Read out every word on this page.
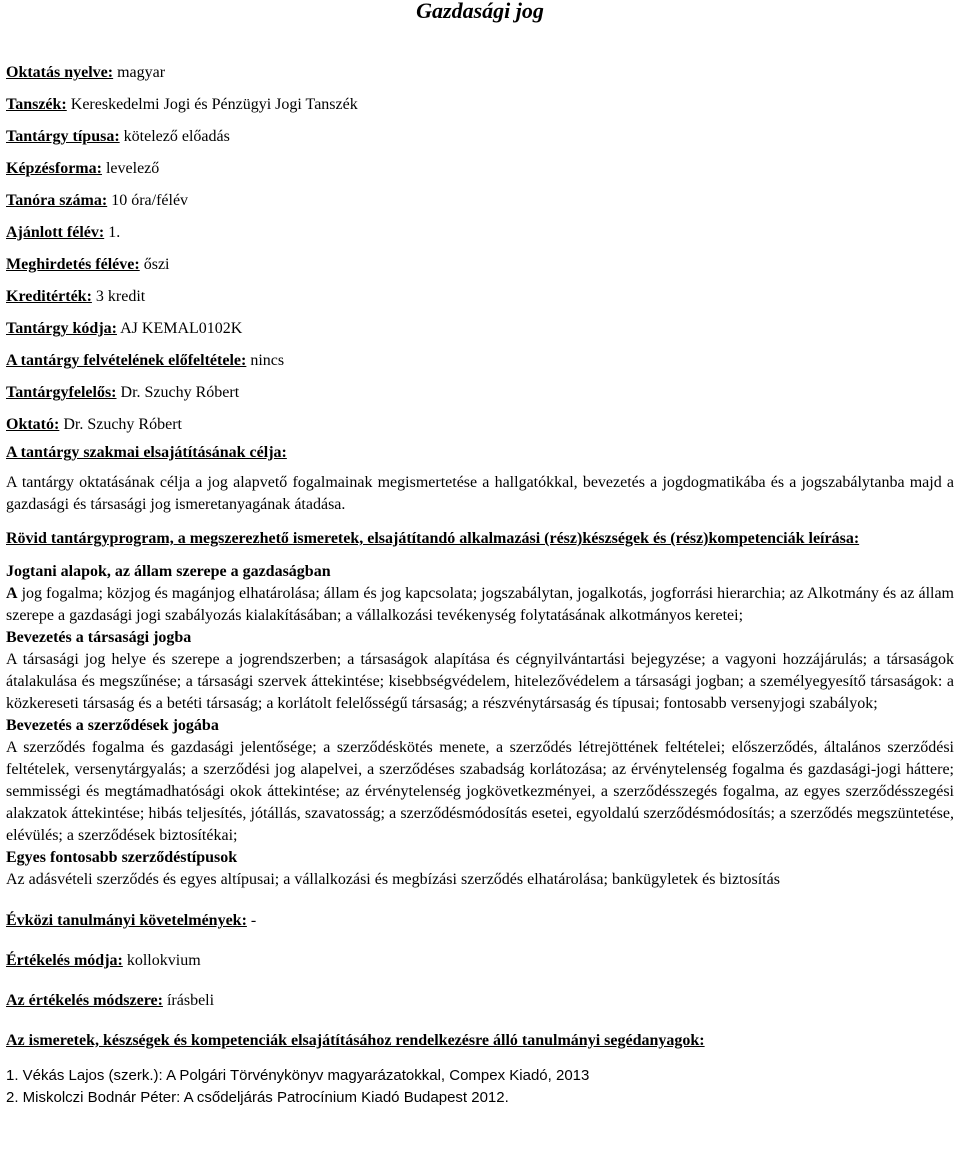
Gazdasági jog
Oktatás nyelve: magyar
Tanszék: Kereskedelmi Jogi és Pénzügyi Jogi Tanszék
Tantárgy típusa: kötelező előadás
Képzésforma: levelező
Tanóra száma: 10 óra/félév
Ajánlott félév: 1.
Meghirdetés féléve: őszi
Kreditérték: 3 kredit
Tantárgy kódja: AJ KEMAL0102K
A tantárgy felvételének előfeltétele: nincs
Tantárgyfelelős: Dr. Szuchy Róbert
Oktató: Dr. Szuchy Róbert
A tantárgy szakmai elsajátításának célja:
A tantárgy oktatásának célja a jog alapvető fogalmainak megismertetése a hallgatókkal, bevezetés a jogdogmatikába és a jogszabálytanba majd a gazdasági és társasági jog ismeretanyagának átadása.
Rövid tantárgyprogram, a megszerezhető ismeretek, elsajátítandó alkalmazási (rész)készségek és (rész)kompetenciák leírása:
Jogtani alapok, az állam szerepe a gazdaságban
A jog fogalma; közjog és magánjog elhatárolása; állam és jog kapcsolata; jogszabálytan, jogalkotás, jogforrási hierarchia; az Alkotmány és az állam szerepe a gazdasági jogi szabályozás kialakításában; a vállalkozási tevékenység folytatásának alkotmányos keretei;
Bevezetés a társasági jogba
A társasági jog helye és szerepe a jogrendszerben; a társaságok alapítása és cégnyilvántartási bejegyzése; a vagyoni hozzájárulás; a társaságok átalakulása és megszűnése; a társasági szervek áttekintése; kisebbségvédelem, hitelezővédelem a társasági jogban; a személyegyesítő társaságok: a közkereseti társaság és a betéti társaság; a korlátolt felelősségű társaság; a részvénytársaság és típusai; fontosabb versenyjogi szabályok;
Bevezetés a szerződések jogába
A szerződés fogalma és gazdasági jelentősége; a szerződéskötés menete, a szerződés létrejöttének feltételei; előszerződés, általános szerződési feltételek, versenytárgyalás; a szerződési jog alapelvei, a szerződéses szabadság korlátozása; az érvénytelenség fogalma és gazdasági-jogi háttere; semmisségi és megtámadhatósági okok áttekintése; az érvénytelenség jogkövetkezményei, a szerződésszegés fogalma, az egyes szerződésszegési alakzatok áttekintése; hibás teljesítés, jótállás, szavatosság; a szerződésmódosítás esetei, egyoldalú szerződésmódosítás; a szerződés megszüntetése, elévülés; a szerződések biztosítékai;
Egyes fontosabb szerződéstípusok
Az adásvételi szerződés és egyes altípusai; a vállalkozási és megbízási szerződés elhatárolása; bankügyletek és biztosítás
Évközi tanulmányi követelmények: -
Értékelés módja: kollokvium
Az értékelés módszere: írásbeli
Az ismeretek, készségek és kompetenciák elsajátításához rendelkezésre álló tanulmányi segédanyagok:
1. Vékás Lajos (szerk.): A Polgári Törvénykönyv magyarázatokkal, Compex Kiadó, 2013
2. Miskolczi Bodnár Péter: A csődeljárás Patrocínium Kiadó Budapest 2012.
